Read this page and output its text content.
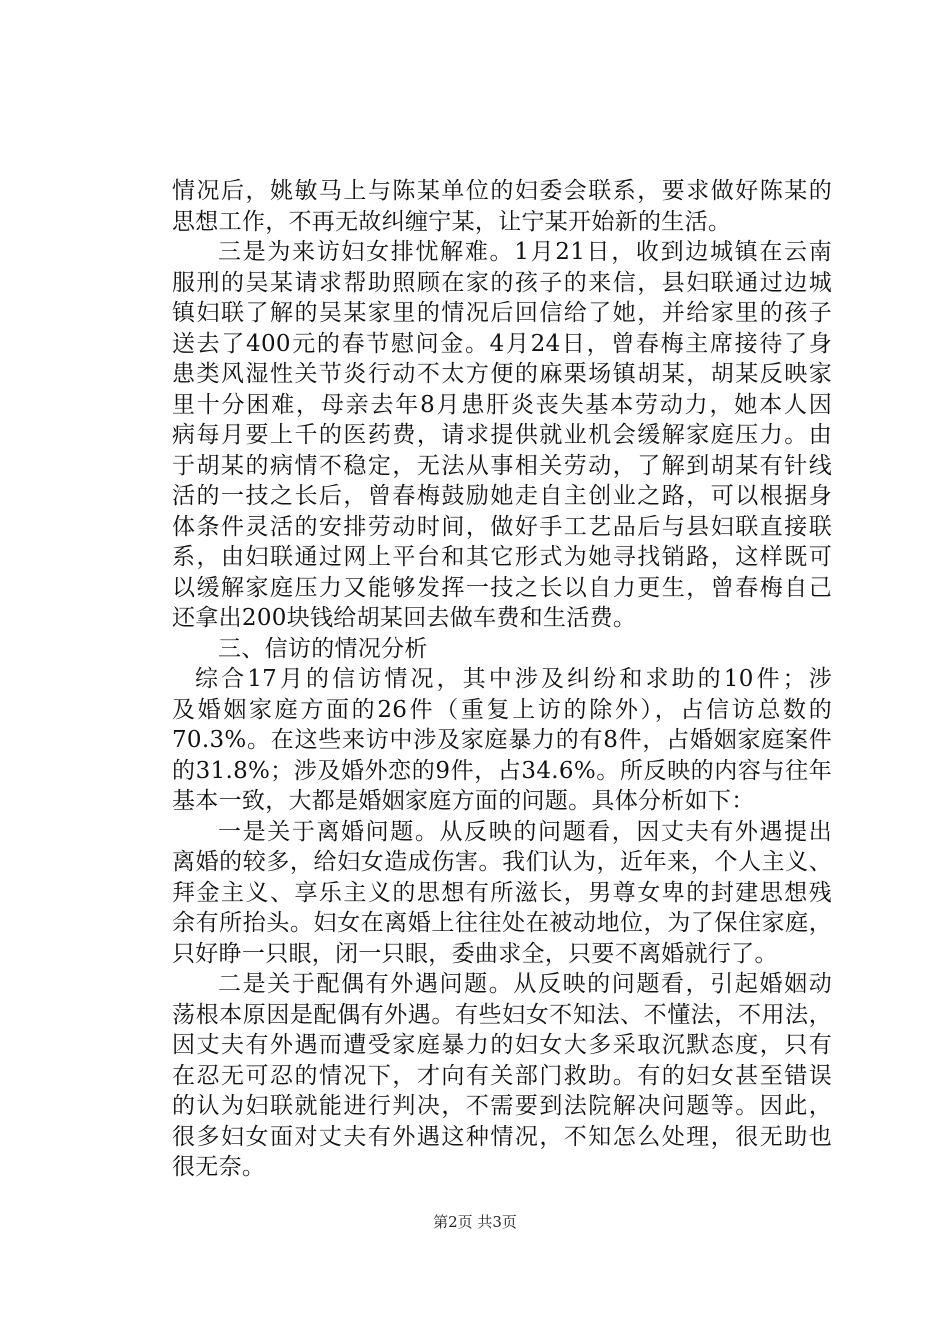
情况后，姚敏马上与陈某单位的妇委会联系，要求做好陈某的
思想工作，不再无故纠缠宁某，让宁某开始新的生活。
三是为来访妇女排忧解难。1月21日，收到边城镇在云南
服刑的吴某请求帮助照顾在家的孩子的来信，县妇联通过边城
镇妇联了解的吴某家里的情况后回信给了她，并给家里的孩子
送去了400元的春节慰问金。4月24日，曾春梅主席接待了身
患类风湿性关节炎行动不太方便的麻栗场镇胡某，胡某反映家
里十分困难，母亲去年8月患肝炎丧失基本劳动力，她本人因
病每月要上千的医药费，请求提供就业机会缓解家庭压力。由
于胡某的病情不稳定，无法从事相关劳动，了解到胡某有针线
活的一技之长后，曾春梅鼓励她走自主创业之路，可以根据身
体条件灵活的安排劳动时间，做好手工艺品后与县妇联直接联
系，由妇联通过网上平台和其它形式为她寻找销路，这样既可
以缓解家庭压力又能够发挥一技之长以自力更生，曾春梅自己
还拿出200块钱给胡某回去做车费和生活费。
三、信访的情况分析
综合17月的信访情况，其中涉及纠纷和求助的10件；涉
及婚姻家庭方面的26件（重复上访的除外），占信访总数的
70.3%。在这些来访中涉及家庭暴力的有8件，占婚姻家庭案件
的31.8%；涉及婚外恋的9件，占34.6%。所反映的内容与往年
基本一致，大都是婚姻家庭方面的问题。具体分析如下：
一是关于离婚问题。从反映的问题看，因丈夫有外遇提出
离婚的较多，给妇女造成伤害。我们认为，近年来，个人主义、
拜金主义、享乐主义的思想有所滋长，男尊女卑的封建思想残
余有所抬头。妇女在离婚上往往处在被动地位，为了保住家庭，
只好睁一只眼，闭一只眼，委曲求全，只要不离婚就行了。
二是关于配偶有外遇问题。从反映的问题看，引起婚姻动
荡根本原因是配偶有外遇。有些妇女不知法、不懂法，不用法，
因丈夫有外遇而遭受家庭暴力的妇女大多采取沉默态度，只有
在忍无可忍的情况下，才向有关部门救助。有的妇女甚至错误
的认为妇联就能进行判决，不需要到法院解决问题等。因此，
很多妇女面对丈夫有外遇这种情况，不知怎么处理，很无助也
很无奈。
第2页 共3页
